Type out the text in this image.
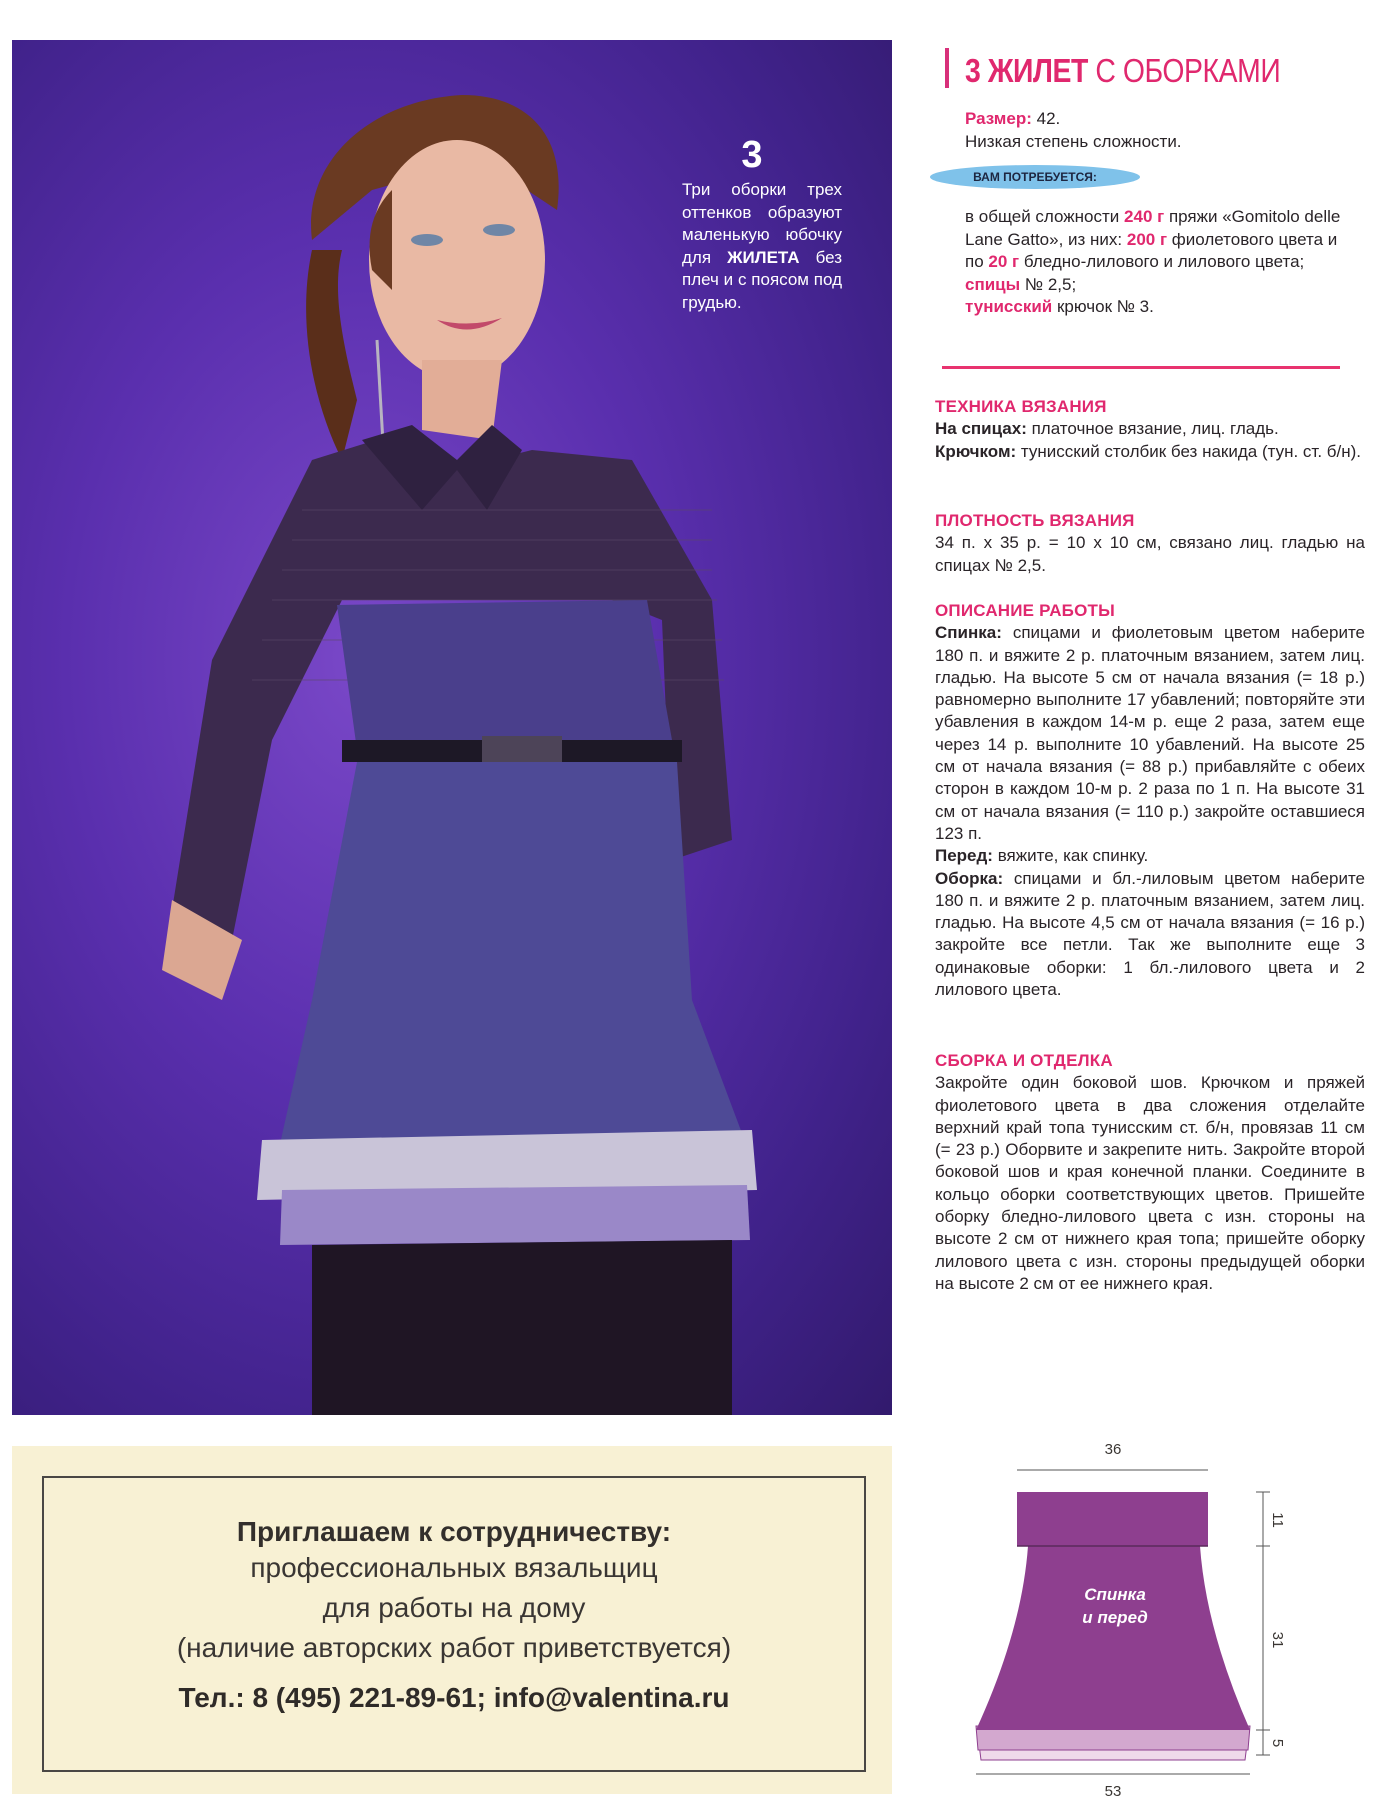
3
Три оборки трех оттенков образуют маленькую юбочку для ЖИЛЕТА без плеч и с поясом под грудью.
3 ЖИЛЕТ С ОБОРКАМИ
Размер: 42.
Низкая степень сложности.
ВАМ ПОТРЕБУЕТСЯ:
в общей сложности 240 г пряжи «Gomitolo delle Lane Gatto», из них: 200 г фиолетового цвета и по 20 г бледно-лилового и лилового цвета;
спицы № 2,5;
тунисский крючок № 3.
ТЕХНИКА ВЯЗАНИЯ

На спицах: платочное вязание, лиц. гладь.

Крючком: тунисский столбик без накида (тун. ст. б/н).

ПЛОТНОСТЬ ВЯЗАНИЯ

34 п. х 35 р. = 10 х 10 см, связано лиц. гладью на спицах № 2,5.

ОПИСАНИЕ РАБОТЫ

Спинка: спицами и фиолетовым цветом наберите 180 п. и вяжите 2 р. платочным вязанием, затем лиц. гладью. На высоте 5 см от начала вязания (= 18 р.) равномерно выполните 17 убавлений; повторяйте эти убавления в каждом 14-м р. еще 2 раза, затем еще через 14 р. выполните 10 убавлений. На высоте 25 см от начала вязания (= 88 р.) прибавляйте с обеих сторон в каждом 10-м р. 2 раза по 1 п. На высоте 31 см от начала вязания (= 110 р.) закройте оставшиеся 123 п.

Перед: вяжите, как спинку.

Оборка: спицами и бл.-лиловым цветом наберите 180 п. и вяжите 2 р. платочным вязанием, затем лиц. гладью. На высоте 4,5 см от начала вязания (= 16 р.) закройте все петли. Так же выполните еще 3 одинаковые оборки: 1 бл.-лилового цвета и 2 лилового цвета.

СБОРКА И ОТДЕЛКА

Закройте один боковой шов. Крючком и пряжей фиолетового цвета в два сложения отделайте верхний край топа тунисским ст. б/н, провязав 11 см (= 23 р.) Оборвите и закрепите нить. Закройте второй боковой шов и края конечной планки. Соедините в кольцо оборки соответствующих цветов. Пришейте оборку бледно-лилового цвета с изн. стороны на высоте 2 см от нижнего края топа; пришейте оборку лилового цвета с изн. стороны предыдущей оборки на высоте 2 см от ее нижнего края.

Приглашаем к сотрудничеству:
профессиональных вязальщиц
для работы на дому
(наличие авторских работ приветствуется)
Тел.: 8 (495) 221-89-61; info@valentina.ru
36
Спинка
и перед
11
31
5
53
